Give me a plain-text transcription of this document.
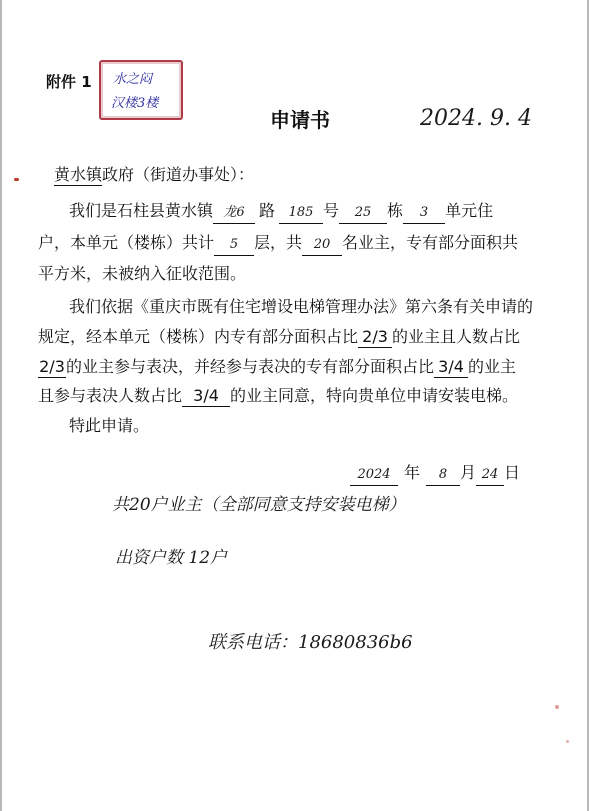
附件 1 水之闷
汉楼3楼
申请书	2024. 9. 4
黄水镇政府（街道办事处）：
我们是石柱县黄水镇 龙6 路 185 号 25 栋 3 单元住
户，本单元（楼栋）共计 5 层，共 20 名业主，专有部分面积共
平方米，未被纳入征收范围。
我们依据《重庆市既有住宅增设电梯管理办法》第六条有关申请的
规定，经本单元（楼栋）内专有部分面积占比 2/3 的业主且人数占比
2/3的业主参与表决，并经参与表决的专有部分面积占比 3/4 的业主
且参与表决人数占比 3/4 的业主同意，特向贵单位申请安装电梯。
特此申请。
2024 年 8 月 24 日
共20户业主（全部同意支持安装电梯）
出资户数 12户
联系电话：18680836b6
